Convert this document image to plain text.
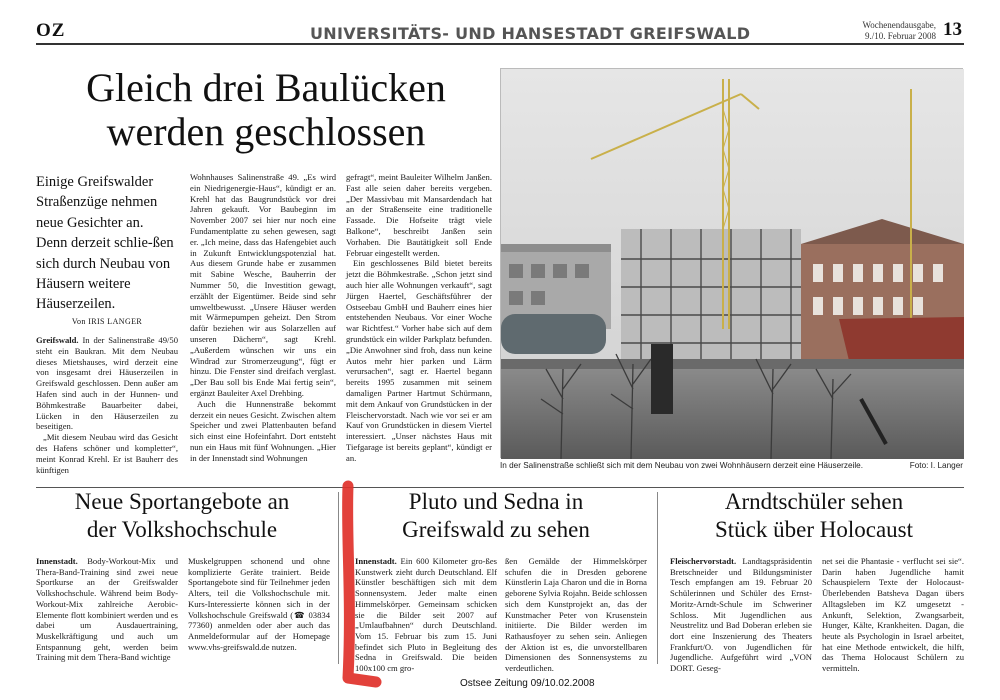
OZ	UNIVERSITÄTS- UND HANSESTADT GREIFSWALD	Wochenendausgabe,
9./10. Februar 2008 13
Gleich drei Baulücken
werden geschlossen
Einige Greifswalder Straßenzüge nehmen neue Gesichter an. Denn derzeit schlie-ßen sich durch Neubau von Häusern weitere Häuserzeilen.
Von IRIS LANGER

Greifswald. In der Salinenstraße 49/50 steht ein Baukran. Mit dem Neubau dieses Mietshauses, wird derzeit eine von insgesamt drei Häuserzeilen in Greifswald geschlossen. Denn außer am Hafen sind auch in der Hunnen- und Böhmkestraße Bauarbeiter dabei, Lücken in den Häuserzeilen zu beseitigen.

„Mit diesem Neubau wird das Gesicht des Hafens schöner und kompletter“, meint Konrad Krehl. Er ist Bauherr des künftigen

Wohnhauses Salinenstraße 49. „Es wird ein Niedrigenergie-Haus“, kündigt er an. Krehl hat das Baugrundstück vor drei Jahren gekauft. Vor Baubeginn im November 2007 sei hier nur noch eine Fundamentplatte zu sehen gewesen, sagt er. „Ich meine, dass das Hafengebiet auch in Zukunft Entwicklungspotenzial hat. Aus diesem Grunde habe er zusammen mit Sabine Wesche, Bauherrin der Nummer 50, die Investition gewagt, erzählt der Eigentümer. Beide sind sehr umweltbewusst. „Unsere Häuser werden mit Wärmepumpen geheizt. Den Strom dafür beziehen wir aus Solarzellen auf unseren Dächern“, sagt Krehl. „Außerdem wünschen wir uns ein Windrad zur Stromerzeugung“, fügt er hinzu. Die Fenster sind dreifach verglast. „Der Bau soll bis Ende Mai fertig sein“, ergänzt Bauleiter Axel Drehbing.

Auch die Hunnenstraße bekommt derzeit ein neues Gesicht. Zwischen altem Speicher und zwei Plattenbauten befand sich einst eine Hofeinfahrt. Dort entsteht nun ein Haus mit fünf Wohnungen. „Hier in der Innenstadt sind Wohnungen

gefragt“, meint Bauleiter Wilhelm Janßen. Fast alle seien daher bereits vergeben. „Der Massivbau mit Mansardendach hat an der Straßenseite eine traditionelle Fassade. Die Hofseite trägt viele Balkone“, beschreibt Janßen sein Vorhaben. Die Bautätigkeit soll Ende Februar eingestellt werden.

Ein geschlossenes Bild bietet bereits jetzt die Böhmkestraße. „Schon jetzt sind auch hier alle Wohnungen verkauft“, sagt Jürgen Haertel, Geschäftsführer der Ostseebau GmbH und Bauherr eines hier entstehenden Neubaus. Vor einer Woche war Richtfest.“ Vorher habe sich auf dem grundstück ein wilder Parkplatz befunden. „Die Anwohner sind froh, dass nun keine Autos mehr hier parken und Lärm verursachen“, sagt er. Haertel begann bereits 1995 zusammen mit seinem damaligen Partner Hartmut Schürmann, mit dem Ankauf von Grundstücken in der Fleischervorstadt. Nach wie vor sei er am Kauf von Grundstücken in diesem Viertel interessiert. „Unser nächstes Haus mit Tiefgarage ist bereits geplant“, kündigt er an.

In der Salinenstraße schließt sich mit dem Neubau von zwei Wohnhäusern derzeit eine Häuserzeile.	Foto: I. Langer
Neue Sportangebote an
der Volkshochschule
Innenstadt. Body-Workout-Mix und Thera-Band-Training sind zwei neue Sportkurse an der Greifswalder Volkshochschule. Während beim Body-Workout-Mix zahlreiche Aerobic-Elemente flott kombiniert werden und es dabei um Ausdauertraining, Muskelkräftigung und auch um Entspannung geht, werden beim Training mit dem Thera-Band wichtige
Muskelgruppen schonend und ohne komplizierte Geräte trainiert. Beide Sportangebote sind für Teilnehmer jeden Alters, teil die Volkshochschule mit. Kurs-Interessierte können sich in der Volkshochschule Greifswald (☎ 03834 77360) anmelden oder aber auch das Anmeldeformular auf der Homepage www.vhs-greifswald.de nutzen.
Pluto und Sedna in
Greifswald zu sehen
Innenstadt. Ein 600 Kilometer gro-ßes Kunstwerk zieht durch Deutschland. Elf Künstler beschäftigen sich mit dem Sonnensystem. Jeder malte einen Himmelskörper. Gemeinsam schicken sie die Bilder seit 2007 auf „Umlaufbahnen“ durch Deutschland. Vom 15. Februar bis zum 15. Juni befindet sich Pluto in Begleitung des Sedna in Greifswald. Die beiden 100x100 cm gro-
ßen Gemälde der Himmelskörper schufen die in Dresden geborene Künstlerin Laja Charon und die in Borna geborene Sylvia Rojahn. Beide schlossen sich dem Kunstprojekt an, das der Kunstmacher Peter von Krusenstein initiierte. Die Bilder werden im Rathausfoyer zu sehen sein. Anliegen der Aktion ist es, die unvorstellbaren Dimensionen des Sonnensystems zu verdeutlichen.
Arndtschüler sehen
Stück über Holocaust
Fleischervorstadt. Landtagspräsidentin Bretschneider und Bildungsminister Tesch empfangen am 19. Februar 20 Schülerinnen und Schüler des Ernst-Moritz-Arndt-Schule im Schweriner Schloss. Mit Jugendlichen aus Neustrelitz und Bad Doberan erleben sie dort eine Inszenierung des Theaters Frankfurt/O. von Jugendlichen für Jugendliche. Aufgeführt wird „VON DORT. Geseg-
net sei die Phantasie - verflucht sei sie“. Darin haben Jugendliche hamit Schauspielern Texte der Holocaust-Überlebenden Batsheva Dagan übers Alltagsleben im KZ umgesetzt - Ankunft, Selektion, Zwangsarbeit, Hunger, Kälte, Krankheiten. Dagan, die heute als Psychologin in Israel arbeitet, hat eine Methode entwickelt, die hilft, das Thema Holocaust Schülern zu vermitteln.
Ostsee Zeitung 09/10.02.2008
